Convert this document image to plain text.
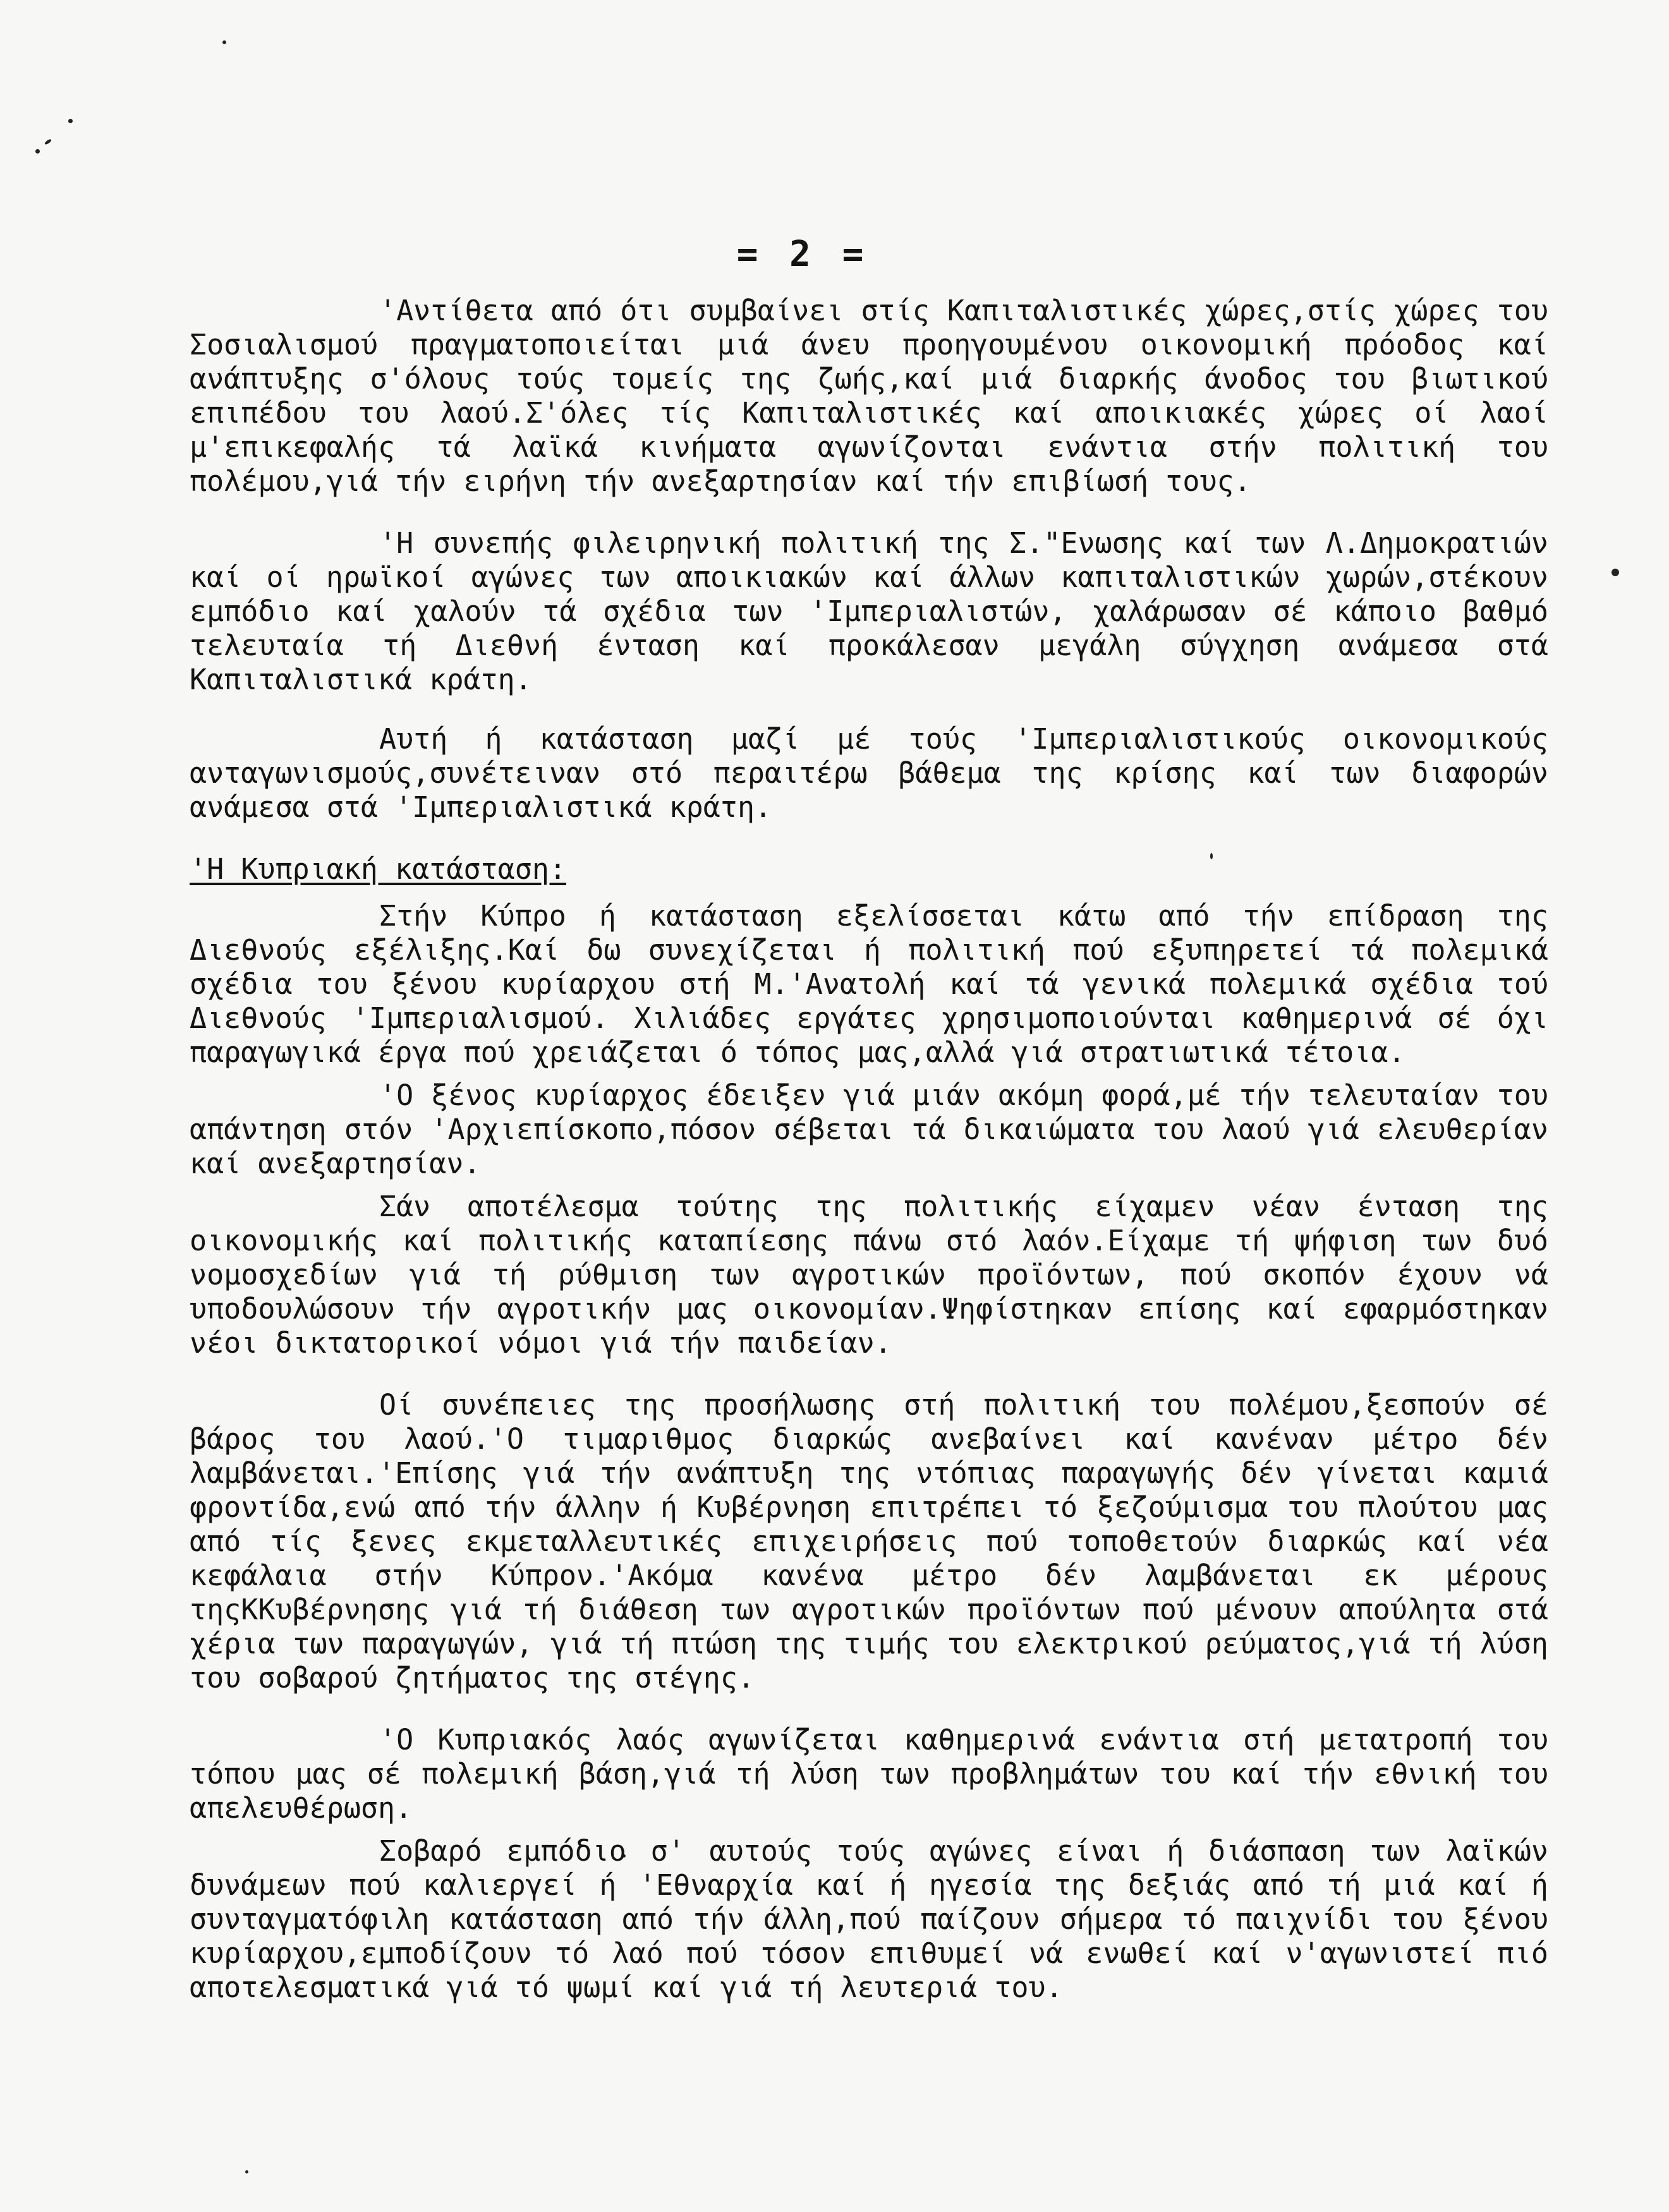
= 2 =

'Αντίθετα από ότι συμβαίνει στίς Καπιταλιστικές χώρες,στίς χώρες του Σοσιαλισμού πραγματοποιείται μιά άνευ προηγουμένου οικονομική πρόοδος καί ανάπτυξης σ'όλους τούς τομείς της ζωής,καί μιά διαρκής άνοδος του βιωτικού επιπέδου του λαού.Σ'όλες τίς Καπιταλιστικές καί αποικιακές χώρες οί λαοί μ'επικεφαλής τά λαϊκά κινήματα αγωνίζονται ενάντια στήν πολιτική του πολέμου,γιά τήν ειρήνη τήν ανεξαρτησίαν καί τήν επιβίωσή τους.

'Η συνεπής φιλειρηνική πολιτική της Σ."Ενωσης καί των Λ.Δημοκρατιών καί οί ηρωϊκοί αγώνες των αποικιακών καί άλλων καπιταλιστικών χωρών,στέκουν εμπόδιο καί χαλούν τά σχέδια των 'Ιμπεριαλιστών, χαλάρωσαν σέ κάποιο βαθμό τελευταία τή Διεθνή ένταση καί προκάλεσαν μεγάλη σύγχηση ανάμεσα στά Καπιταλιστικά κράτη.

Αυτή ή κατάσταση μαζί μέ τούς 'Ιμπεριαλιστικούς οικονομικούς ανταγωνισμούς,συνέτειναν στό περαιτέρω βάθεμα της κρίσης καί των διαφορών ανάμεσα στά 'Ιμπεριαλιστικά κράτη.

'Η Κυπριακή κατάσταση:

Στήν Κύπρο ή κατάσταση εξελίσσεται κάτω από τήν επίδραση της Διεθνούς εξέλιξης.Καί δω συνεχίζεται ή πολιτική πού εξυπηρετεί τά πολεμικά σχέδια του ξένου κυρίαρχου στή Μ.'Ανατολή καί τά γενικά πολεμικά σχέδια τού Διεθνούς 'Ιμπεριαλισμού. Χιλιάδες εργάτες χρησιμοποιούνται καθημερινά σέ όχι παραγωγικά έργα πού χρειάζεται ό τόπος μας,αλλά γιά στρατιωτικά τέτοια.

'Ο ξένος κυρίαρχος έδειξεν γιά μιάν ακόμη φορά,μέ τήν τελευταίαν του απάντηση στόν 'Αρχιεπίσκοπο,πόσον σέβεται τά δικαιώματα του λαού γιά ελευθερίαν καί ανεξαρτησίαν.

Σάν αποτέλεσμα τούτης της πολιτικής είχαμεν νέαν ένταση της οικονομικής καί πολιτικής καταπίεσης πάνω στό λαόν.Είχαμε τή ψήφιση των δυό νομοσχεδίων γιά τή ρύθμιση των αγροτικών προϊόντων, πού σκοπόν έχουν νά υποδουλώσουν τήν αγροτικήν μας οικονομίαν.Ψηφίστηκαν επίσης καί εφαρμόστηκαν νέοι δικτατορικοί νόμοι γιά τήν παιδείαν.

Οί συνέπειες της προσήλωσης στή πολιτική του πολέμου,ξεσπούν σέ βάρος του λαού.'Ο τιμαριθμος διαρκώς ανεβαίνει καί κανέναν μέτρο δέν λαμβάνεται.'Επίσης γιά τήν ανάπτυξη της ντόπιας παραγωγής δέν γίνεται καμιά φροντίδα,ενώ από τήν άλλην ή Κυβέρνηση επιτρέπει τό ξεζούμισμα του πλούτου μας από τίς ξενες εκμεταλλευτικές επιχειρήσεις πού τοποθετούν διαρκώς καί νέα κεφάλαια στήν Κύπρον.'Ακόμα κανένα μέτρο δέν λαμβάνεται εκ μέρους τηςΚΚυβέρνησης γιά τή διάθεση των αγροτικών προϊόντων πού μένουν απούλητα στά χέρια των παραγωγών, γιά τή πτώση της τιμής του ελεκτρικού ρεύματος,γιά τή λύση του σοβαρού ζητήματος της στέγης.

'Ο Κυπριακός λαός αγωνίζεται καθημερινά ενάντια στή μετατροπή του τόπου μας σέ πολεμική βάση,γιά τή λύση των προβλημάτων του καί τήν εθνική του απελευθέρωση.

Σοβαρό εμπόδιο σ' αυτούς τούς αγώνες είναι ή διάσπαση των λαϊκών δυνάμεων πού καλιεργεί ή 'Εθναρχία καί ή ηγεσία της δεξιάς από τή μιά καί ή συνταγματόφιλη κατάσταση από τήν άλλη,πού παίζουν σήμερα τό παιχνίδι του ξένου κυρίαρχου,εμποδίζουν τό λαό πού τόσον επιθυμεί νά ενωθεί καί ν'αγωνιστεί πιό αποτελεσματικά γιά τό ψωμί καί γιά τή λευτεριά του.
